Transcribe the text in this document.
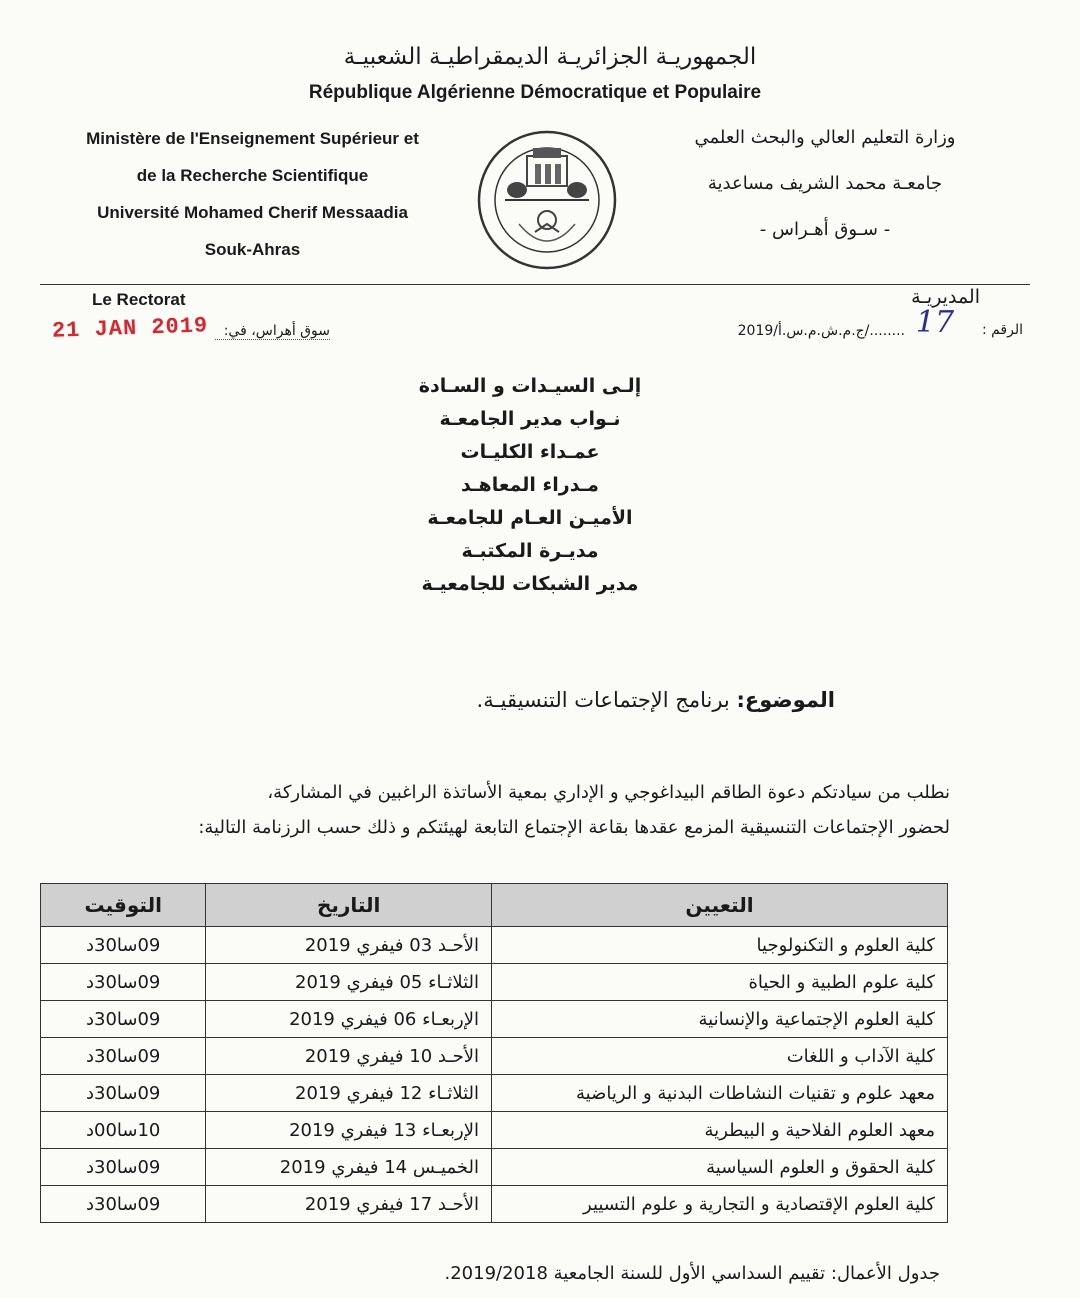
الجمهوريـة الجزائريـة الديمقراطيـة الشعبيـة
République Algérienne Démocratique et Populaire
Ministère de l'Enseignement Supérieur et
de la Recherche Scientifique
Université Mohamed Cherif Messaadia
Souk-Ahras
وزارة التعليم العالي والبحث العلمي
جامعـة محمد الشريف مساعدية
- سـوق أهـراس -
Le Rectorat
21 JAN 2019	سوق أهراس، في:
المديريـة
الرقم :
17
......../ج.م.ش.م.س.أ/2019
إلـى السيـدات و السـادة
نـواب مدير الجامعـة
عمـداء الكليـات
مـدراء المعاهـد
الأميـن العـام للجامعـة
مديـرة المكتبـة
مدير الشبكات للجامعيـة
الموضوع: برنامج الإجتماعات التنسيقيـة.
نطلب من سيادتكم دعوة الطاقم البيداغوجي و الإداري بمعية الأساتذة الراغبين في المشاركة،
لحضور الإجتماعات التنسيقية المزمع عقدها بقاعة الإجتماع التابعة لهيئتكم و ذلك حسب الرزنامة التالية:
التعيين	التاريخ	التوقيت
كلية العلوم و التكنولوجيا	الأحـد 03 فيفري 2019	09سا30د
كلية علوم الطبية و الحياة	الثلاثـاء 05 فيفري 2019	09سا30د
كلية العلوم الإجتماعية والإنسانية	الإربعـاء 06 فيفري 2019	09سا30د
كلية الآداب و اللغات	الأحـد 10 فيفري 2019	09سا30د
معهد علوم و تقنيات النشاطات البدنية و الرياضية	الثلاثـاء 12 فيفري 2019	09سا30د
معهد العلوم الفلاحية و البيطرية	الإربعـاء 13 فيفري 2019	10سا00د
كلية الحقوق و العلوم السياسية	الخميـس 14 فيفري 2019	09سا30د
كلية العلوم الإقتصادية و التجارية و علوم التسيير	الأحـد 17 فيفري 2019	09سا30د
جدول الأعمال: تقييم السداسي الأول للسنة الجامعية 2019/2018.
